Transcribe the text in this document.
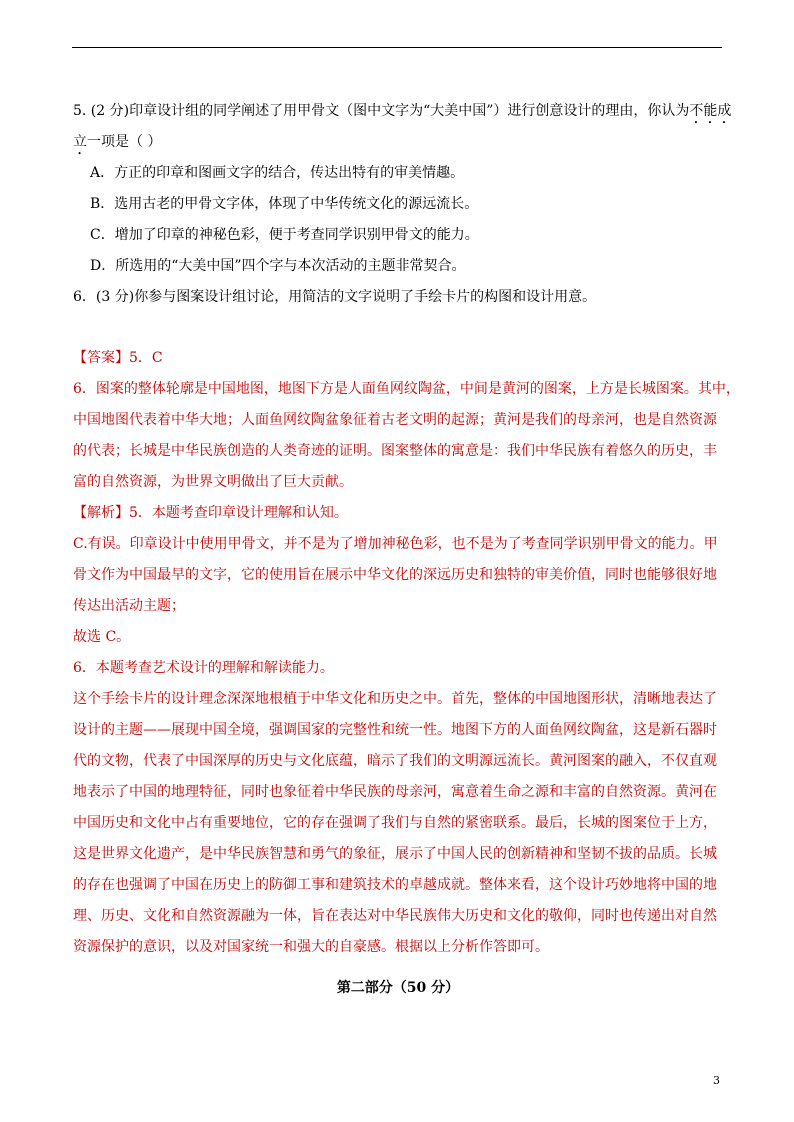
5. (2 分)印章设计组的同学阐述了用甲骨文（图中文字为“大美中国”）进行创意设计的理由，你认为不能成
立一项是（ ）
A．方正的印章和图画文字的结合，传达出特有的审美情趣。
B．选用古老的甲骨文字体，体现了中华传统文化的源远流长。
C．增加了印章的神秘色彩，便于考查同学识别甲骨文的能力。
D．所选用的“大美中国”四个字与本次活动的主题非常契合。
6．(3 分)你参与图案设计组讨论，用简洁的文字说明了手绘卡片的构图和设计用意。
【答案】5．C
6．图案的整体轮廓是中国地图，地图下方是人面鱼网纹陶盆，中间是黄河的图案，上方是长城图案。其中，
中国地图代表着中华大地；人面鱼网纹陶盆象征着古老文明的起源；黄河是我们的母亲河，也是自然资源
的代表；长城是中华民族创造的人类奇迹的证明。图案整体的寓意是：我们中华民族有着悠久的历史，丰
富的自然资源，为世界文明做出了巨大贡献。
【解析】5．本题考查印章设计理解和认知。
C.有误。印章设计中使用甲骨文，并不是为了增加神秘色彩，也不是为了考查同学识别甲骨文的能力。甲
骨文作为中国最早的文字，它的使用旨在展示中华文化的深远历史和独特的审美价值，同时也能够很好地
传达出活动主题；
故选 C。
6．本题考查艺术设计的理解和解读能力。
这个手绘卡片的设计理念深深地根植于中华文化和历史之中。首先，整体的中国地图形状，清晰地表达了
设计的主题——展现中国全境，强调国家的完整性和统一性。地图下方的人面鱼网纹陶盆，这是新石器时
代的文物，代表了中国深厚的历史与文化底蕴，暗示了我们的文明源远流长。黄河图案的融入，不仅直观
地表示了中国的地理特征，同时也象征着中华民族的母亲河，寓意着生命之源和丰富的自然资源。黄河在
中国历史和文化中占有重要地位，它的存在强调了我们与自然的紧密联系。最后，长城的图案位于上方，
这是世界文化遗产，是中华民族智慧和勇气的象征，展示了中国人民的创新精神和坚韧不拔的品质。长城
的存在也强调了中国在历史上的防御工事和建筑技术的卓越成就。整体来看，这个设计巧妙地将中国的地
理、历史、文化和自然资源融为一体，旨在表达对中华民族伟大历史和文化的敬仰，同时也传递出对自然
资源保护的意识，以及对国家统一和强大的自豪感。根据以上分析作答即可。
第二部分（50 分）
3
